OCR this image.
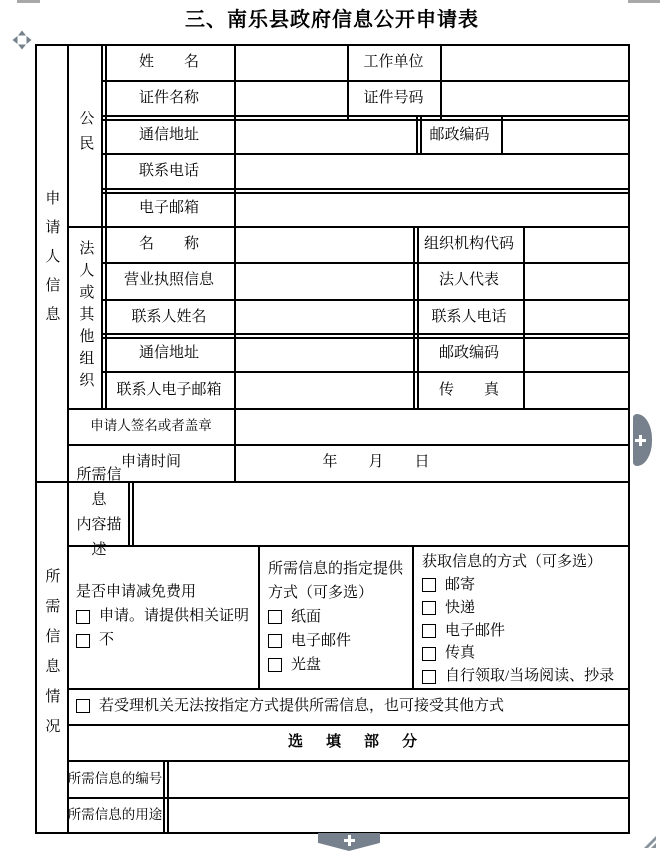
三、南乐县政府信息公开申请表
申请人信息
公民
法人或其他组织
姓　　名	工作单位
证件名称	证件号码
通信地址	邮政编码
联系电话
电子邮箱
名　　称	组织机构代码
营业执照信息	法人代表
联系人姓名	联系人电话
通信地址	邮政编码
联系人电子邮箱	传　　真
申请人签名或者盖章
申请时间	年　月　日
所需信息情况
所需信息
内容描述
是否申请减免费用
申请。请提供相关证明
不
所需信息的指定提供方式（可多选）
纸面
电子邮件
光盘
获取信息的方式（可多选）
邮寄
快递
电子邮件
传真
自行领取/当场阅读、抄录
若受理机关无法按指定方式提供所需信息，也可接受其他方式
选　填　部　分
所需信息的编号
所需信息的用途
